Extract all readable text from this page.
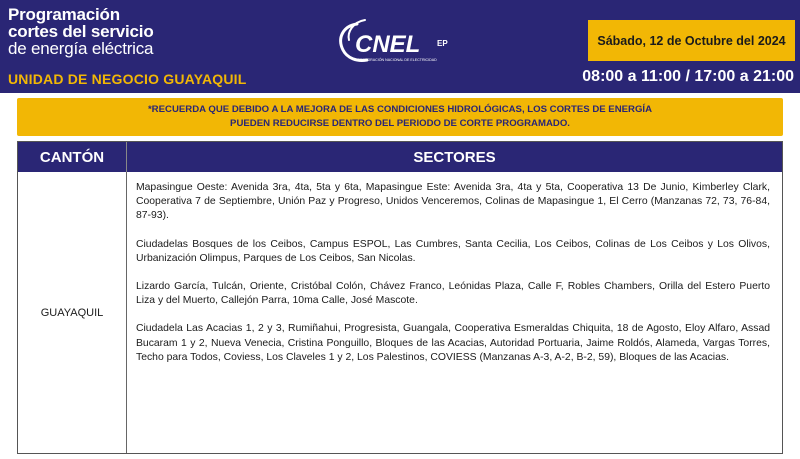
Programación
cortes del servicio
de energía eléctrica
UNIDAD DE NEGOCIO GUAYAQUIL
CNEL EP
CORPORACIÓN NACIONAL DE ELECTRICIDAD
Sábado, 12 de Octubre del 2024
08:00 a 11:00 / 17:00 a 21:00
*RECUERDA QUE DEBIDO A LA MEJORA DE LAS CONDICIONES HIDROLÓGICAS, LOS CORTES DE ENERGÍA
PUEDEN REDUCIRSE DENTRO DEL PERIODO DE CORTE PROGRAMADO.
CANTÓN	SECTORES
GUAYAQUIL

Mapasingue Oeste: Avenida 3ra, 4ta, 5ta y 6ta, Mapasingue Este: Avenida 3ra, 4ta y 5ta, Cooperativa 13 De Junio, Kimberley Clark, Cooperativa 7 de Septiembre, Unión Paz y Progreso, Unidos Venceremos, Colinas de Mapasingue 1, El Cerro (Manzanas 72, 73, 76-84, 87-93).

Ciudadelas Bosques de los Ceibos, Campus ESPOL, Las Cumbres, Santa Cecilia, Los Ceibos, Colinas de Los Ceibos y Los Olivos, Urbanización Olimpus, Parques de Los Ceibos, San Nicolas.

Lizardo García, Tulcán, Oriente, Cristóbal Colón, Chávez Franco, Leónidas Plaza, Calle F, Robles Chambers, Orilla del Estero Puerto Liza y del Muerto, Callejón Parra, 10ma Calle, José Mascote.

Ciudadela Las Acacias 1, 2 y 3, Rumiñahui, Progresista, Guangala, Cooperativa Esmeraldas Chiquita, 18 de Agosto, Eloy Alfaro, Assad Bucaram 1 y 2, Nueva Venecia, Cristina Ponguillo, Bloques de las Acacias, Autoridad Portuaria, Jaime Roldós, Alameda, Vargas Torres, Techo para Todos, Coviess, Los Claveles 1 y 2, Los Palestinos, COVIESS (Manzanas A-3, A-2, B-2, 59), Bloques de las Acacias.
